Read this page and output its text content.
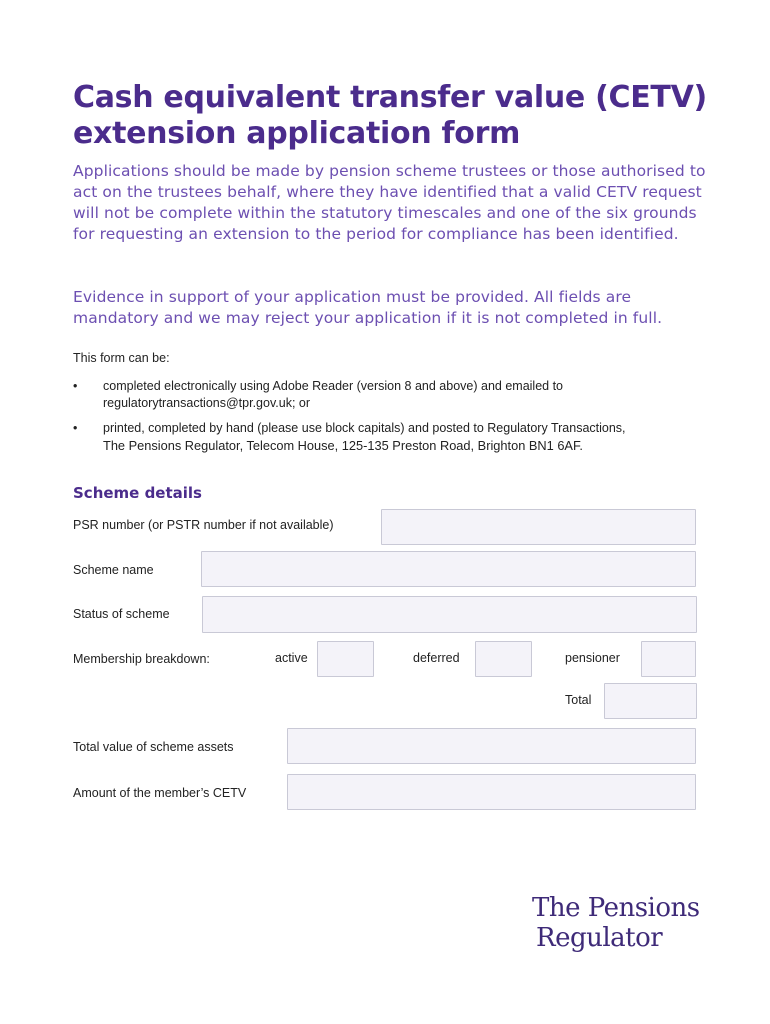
Cash equivalent transfer value (CETV)
extension application form

Applications should be made by pension scheme trustees or those authorised to act on the trustees behalf, where they have identified that a valid CETV request will not be complete within the statutory timescales and one of the six grounds for requesting an extension to the period for compliance has been identified.

Evidence in support of your application must be provided. All fields are mandatory and we may reject your application if it is not completed in full.

This form can be:

• completed electronically using Adobe Reader (version 8 and above) and emailed to
regulatorytransactions@tpr.gov.uk; or
• printed, completed by hand (please use block capitals) and posted to Regulatory Transactions,
The Pensions Regulator, Telecom House, 125-135 Preston Road, Brighton BN1 6AF.
Scheme details
PSR number (or PSTR number if not available)
Scheme name
Status of scheme
Membership breakdown:	active	deferred	pensioner
Total
Total value of scheme assets
Amount of the member’s CETV
The Pensions
Regulator
